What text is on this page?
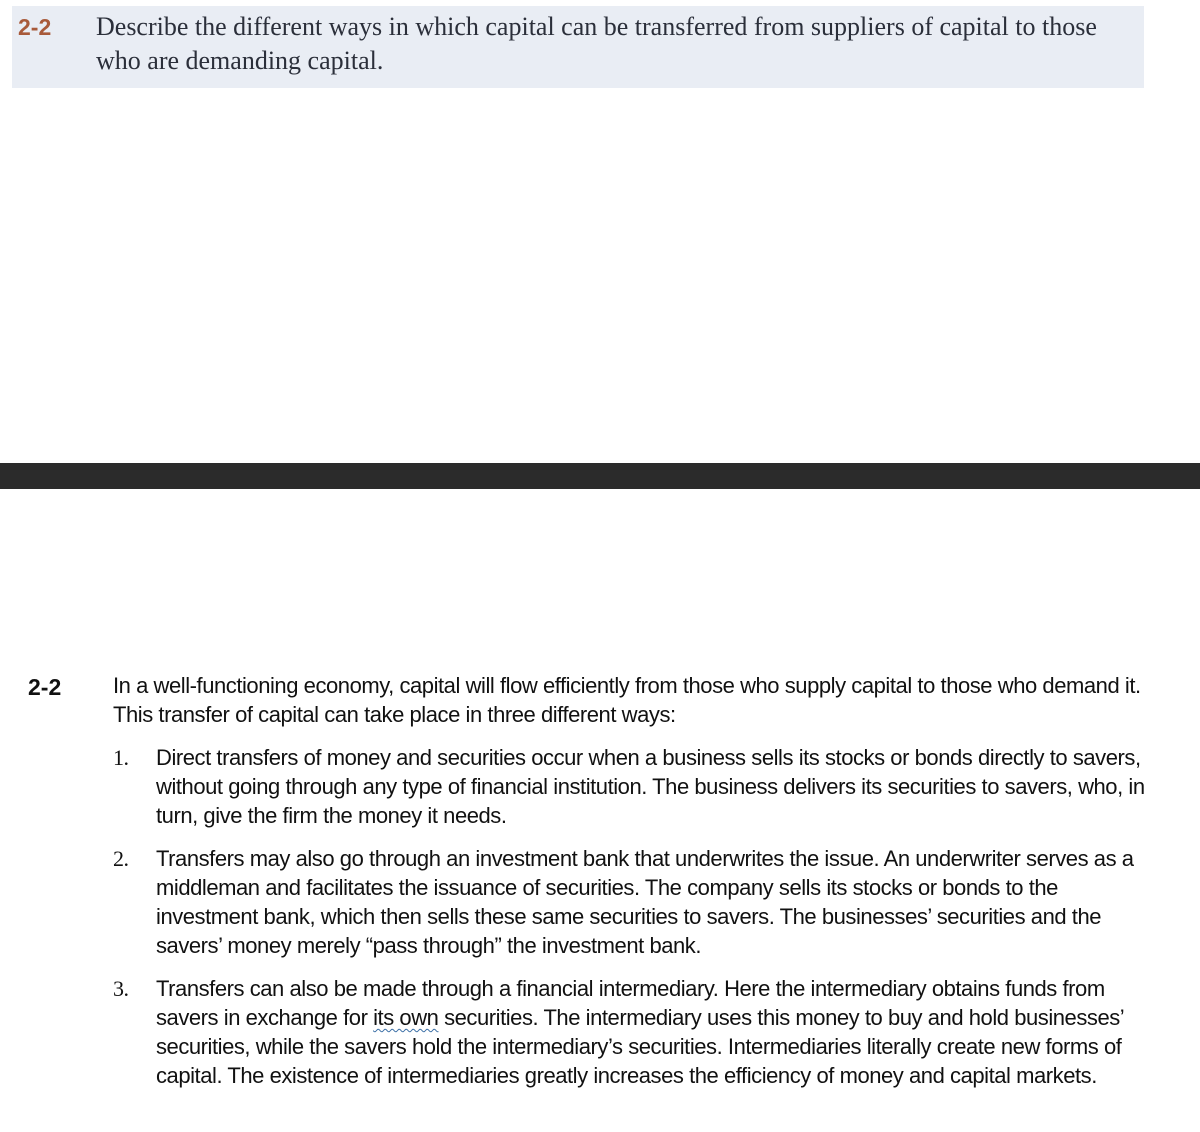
2-2 Describe the different ways in which capital can be transferred from suppliers of capital to those who are demanding capital.
2-2 In a well-functioning economy, capital will flow efficiently from those who supply capital to those who demand it. This transfer of capital can take place in three different ways:
1.	Direct transfers of money and securities occur when a business sells its stocks or bonds directly to savers, without going through any type of financial institution. The business delivers its securities to savers, who, in turn, give the firm the money it needs.
2.	Transfers may also go through an investment bank that underwrites the issue. An underwriter serves as a middleman and facilitates the issuance of securities. The company sells its stocks or bonds to the investment bank, which then sells these same securities to savers. The businesses’ securities and the savers’ money merely “pass through” the investment bank.
3.	Transfers can also be made through a financial intermediary. Here the intermediary obtains funds from savers in exchange for its own securities. The intermediary uses this money to buy and hold businesses’ securities, while the savers hold the intermediary’s securities. Intermediaries literally create new forms of capital. The existence of intermediaries greatly increases the efficiency of money and capital markets.
